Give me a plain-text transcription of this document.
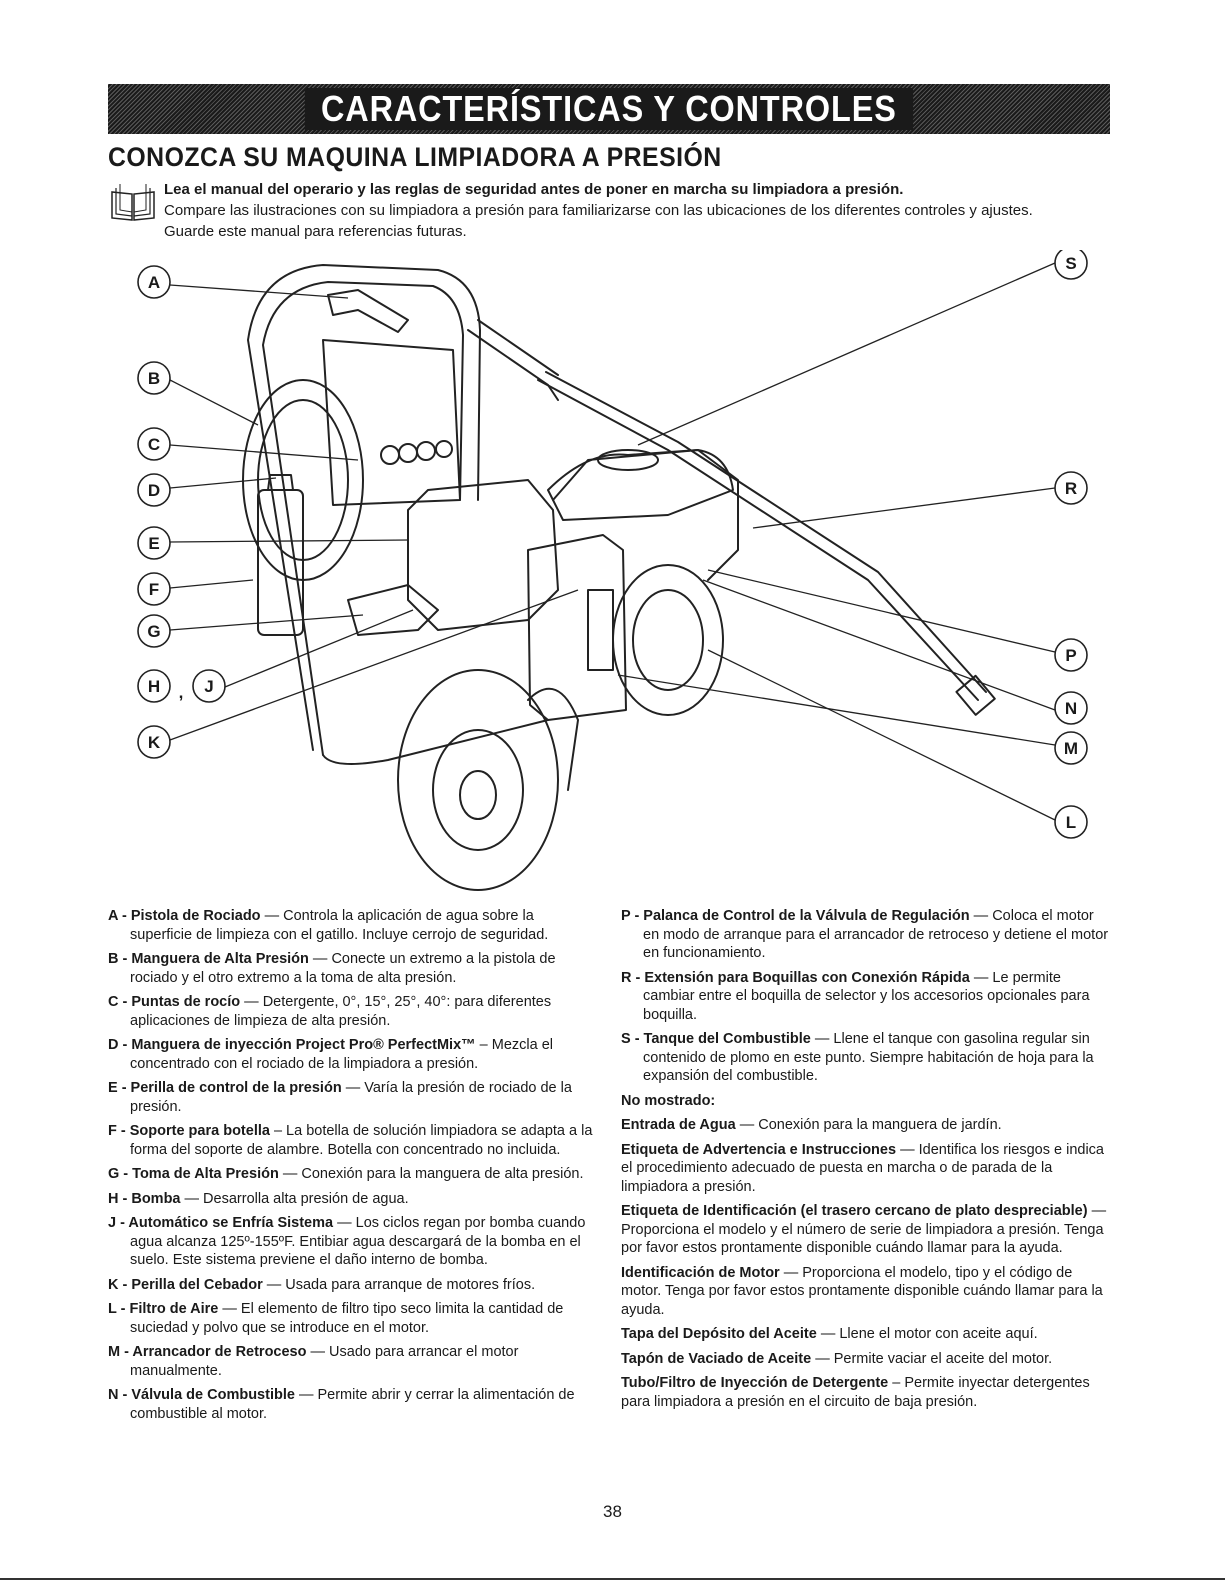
CARACTERÍSTICAS Y CONTROLES
CONOZCA SU MAQUINA LIMPIADORA A PRESIÓN
Lea el manual del operario y las reglas de seguridad antes de poner en marcha su limpiadora a presión.
Compare las ilustraciones con su limpiadora a presión para familiarizarse con las ubicaciones de los diferentes controles y ajustes.
Guarde este manual para referencias futuras.
A
B
C
D
E
F
G
H , J
K
S
R
P
N
M
L

A - Pistola de Rociado — Controla la aplicación de agua sobre la superficie de limpieza con el gatillo. Incluye cerrojo de seguridad.

B - Manguera de Alta Presión — Conecte un extremo a la pistola de rociado y el otro extremo a la toma de alta presión.

C - Puntas de rocío — Detergente, 0°, 15°, 25°, 40°: para diferentes aplicaciones de limpieza de alta presión.

D - Manguera de inyección Project Pro® PerfectMix™ – Mezcla el concentrado con el rociado de la limpiadora a presión.

E - Perilla de control de la presión — Varía la presión de rociado de la presión.

F - Soporte para botella – La botella de solución limpiadora se adapta a la forma del soporte de alambre. Botella con concentrado no incluida.

G - Toma de Alta Presión — Conexión para la manguera de alta presión.

H - Bomba — Desarrolla alta presión de agua.

J - Automático se Enfría Sistema — Los ciclos regan por bomba cuando agua alcanza 125º-155ºF. Entibiar agua descargará de la bomba en el suelo. Este sistema previene el daño interno de bomba.

K - Perilla del Cebador — Usada para arranque de motores fríos.

L - Filtro de Aire — El elemento de filtro tipo seco limita la cantidad de suciedad y polvo que se introduce en el motor.

M - Arrancador de Retroceso — Usado para arrancar el motor manualmente.

N - Válvula de Combustible — Permite abrir y cerrar la alimentación de combustible al motor.

P - Palanca de Control de la Válvula de Regulación — Coloca el motor en modo de arranque para el arrancador de retroceso y detiene el motor en funcionamiento.

R - Extensión para Boquillas con Conexión Rápida — Le permite cambiar entre el boquilla de selector y los accesorios opcionales para boquilla.

S - Tanque del Combustible — Llene el tanque con gasolina regular sin contenido de plomo en este punto. Siempre habitación de hoja para la expansión del combustible.

No mostrado:

Entrada de Agua — Conexión para la manguera de jardín.

Etiqueta de Advertencia e Instrucciones — Identifica los riesgos e indica el procedimiento adecuado de puesta en marcha o de parada de la limpiadora a presión.

Etiqueta de Identificación (el trasero cercano de plato despreciable) — Proporciona el modelo y el número de serie de limpiadora a presión. Tenga por favor estos prontamente disponible cuándo llamar para la ayuda.

Identificación de Motor — Proporciona el modelo, tipo y el código de motor. Tenga por favor estos prontamente disponible cuándo llamar para la ayuda.

Tapa del Depósito del Aceite — Llene el motor con aceite aquí.

Tapón de Vaciado de Aceite — Permite vaciar el aceite del motor.

Tubo/Filtro de Inyección de Detergente – Permite inyectar detergentes para limpiadora a presión en el circuito de baja presión.

38
